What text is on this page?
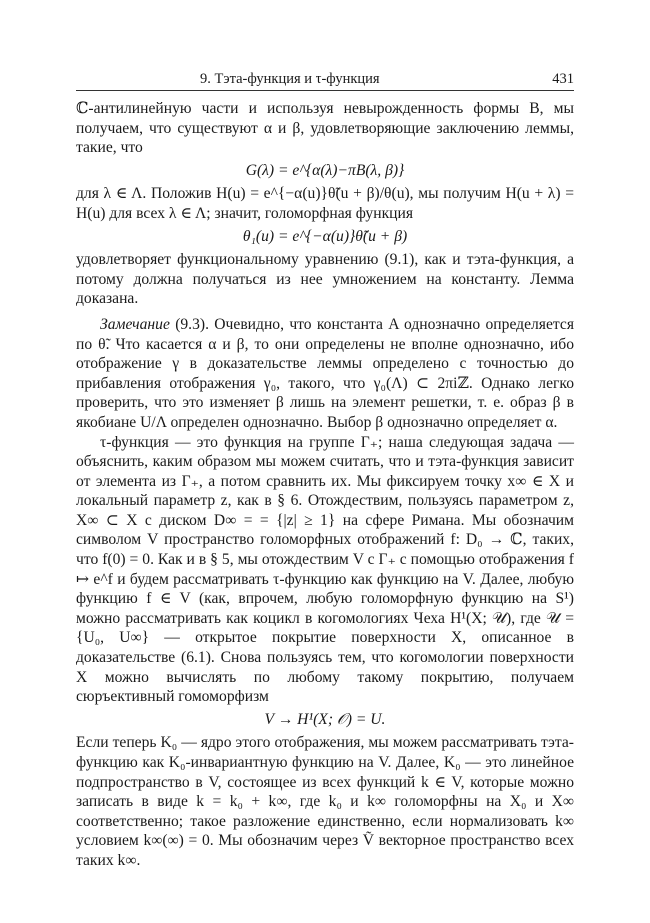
9. Тэта-функция и τ-функция	431

ℂ-антилинейную части и используя невырожденность формы B, мы получаем, что существуют α и β, удовлетворяющие заключению леммы, такие, что

G(λ) = e^{α(λ)−πB(λ, β)}

для λ ∈ Λ. Положив H(u) = e^{−α(u)}θ̃(u + β)/θ(u), мы получим H(u + λ) = H(u) для всех λ ∈ Λ; значит, голоморфная функция

θ₁(u) = e^{−α(u)}θ̃(u + β)

удовлетворяет функциональному уравнению (9.1), как и тэта-функция, а потому должна получаться из нее умножением на константу. Лемма доказана.

Замечание (9.3). Очевидно, что константа A однозначно определяется по θ̃. Что касается α и β, то они определены не вполне однозначно, ибо отображение γ в доказательстве леммы определено с точностью до прибавления отображения γ₀, такого, что γ₀(Λ) ⊂ 2πiℤ. Однако легко проверить, что это изменяет β лишь на элемент решетки, т. е. образ β в якобиане U/Λ определен однозначно. Выбор β однозначно определяет α.

τ-функция — это функция на группе Γ₊; наша следующая задача — объяснить, каким образом мы можем считать, что и тэта-функция зависит от элемента из Γ₊, а потом сравнить их. Мы фиксируем точку x∞ ∈ X и локальный параметр z, как в § 6. Отождествим, пользуясь параметром z, X∞ ⊂ X с диском D∞ = = {|z| ≥ 1} на сфере Римана. Мы обозначим символом V пространство голоморфных отображений f: D₀ → ℂ, таких, что f(0) = 0. Как и в § 5, мы отождествим V с Γ₊ с помощью отображения f ↦ e^f и будем рассматривать τ-функцию как функцию на V. Далее, любую функцию f ∈ V (как, впрочем, любую голоморфную функцию на S¹) можно рассматривать как коцикл в когомологиях Чеха H¹(X; 𝒰), где 𝒰 = {U₀, U∞} — открытое покрытие поверхности X, описанное в доказательстве (6.1). Снова пользуясь тем, что когомологии поверхности X можно вычислять по любому такому покрытию, получаем сюръективный гомоморфизм

V → H¹(X; 𝒪) = U.

Если теперь K₀ — ядро этого отображения, мы можем рассматривать тэта-функцию как K₀-инвариантную функцию на V. Далее, K₀ — это линейное подпространство в V, состоящее из всех функций k ∈ V, которые можно записать в виде k = k₀ + k∞, где k₀ и k∞ голоморфны на X₀ и X∞ соответственно; такое разложение единственно, если нормализовать k∞ условием k∞(∞) = 0. Мы обозначим через Ṽ векторное пространство всех таких k∞.
